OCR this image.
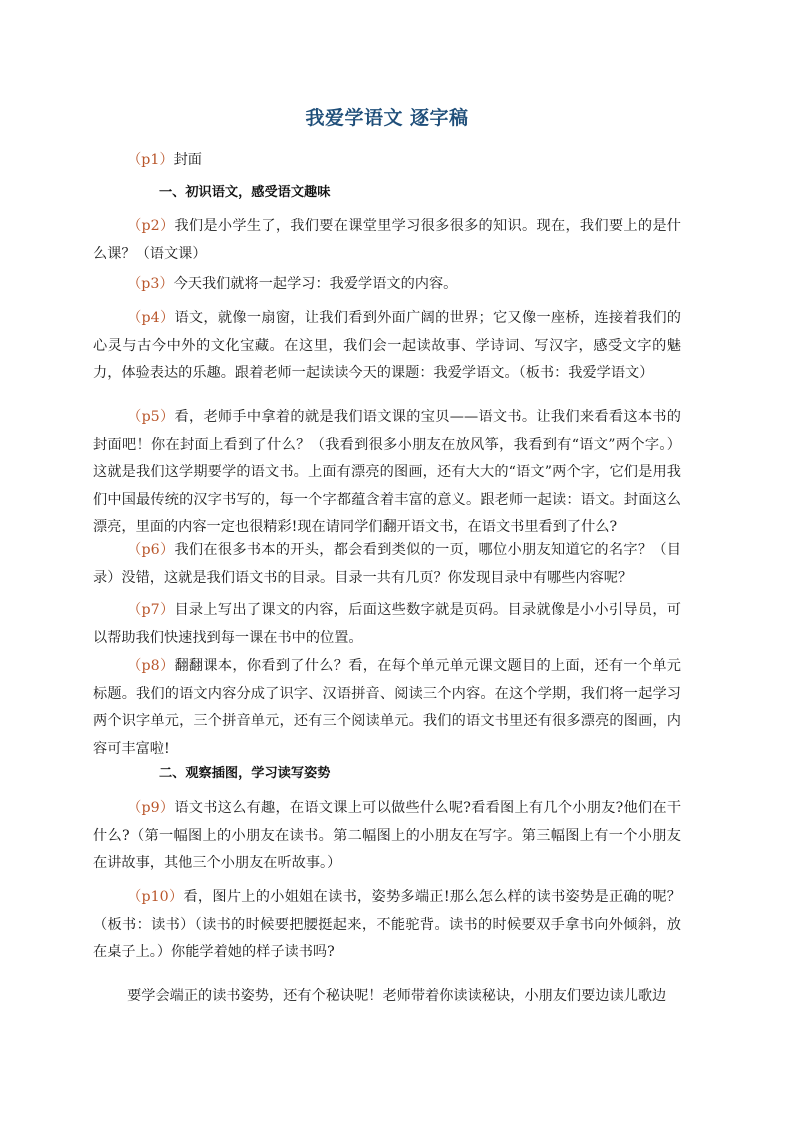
我爱学语文 逐字稿

（p1）封面

一、初识语文，感受语文趣味

（p2）我们是小学生了，我们要在课堂里学习很多很多的知识。现在，我们要上的是什么课？（语文课）

（p3）今天我们就将一起学习：我爱学语文的内容。

（p4）语文，就像一扇窗，让我们看到外面广阔的世界；它又像一座桥，连接着我们的心灵与古今中外的文化宝藏。在这里，我们会一起读故事、学诗词、写汉字，感受文字的魅力，体验表达的乐趣。跟着老师一起读读今天的课题：我爱学语文。（板书：我爱学语文）

（p5）看，老师手中拿着的就是我们语文课的宝贝——语文书。让我们来看看这本书的封面吧！你在封面上看到了什么？（我看到很多小朋友在放风筝，我看到有“语文”两个字。）这就是我们这学期要学的语文书。上面有漂亮的图画，还有大大的“语文”两个字，它们是用我们中国最传统的汉字书写的，每一个字都蕴含着丰富的意义。跟老师一起读：语文。封面这么漂亮，里面的内容一定也很精彩!现在请同学们翻开语文书，在语文书里看到了什么?

（p6）我们在很多书本的开头，都会看到类似的一页，哪位小朋友知道它的名字？（目录）没错，这就是我们语文书的目录。目录一共有几页？你发现目录中有哪些内容呢？

（p7）目录上写出了课文的内容，后面这些数字就是页码。目录就像是小小引导员，可以帮助我们快速找到每一课在书中的位置。

（p8）翻翻课本，你看到了什么？看，在每个单元单元课文题目的上面，还有一个单元标题。我们的语文内容分成了识字、汉语拼音、阅读三个内容。在这个学期，我们将一起学习两个识字单元，三个拼音单元，还有三个阅读单元。我们的语文书里还有很多漂亮的图画，内容可丰富啦!

二、观察插图，学习读写姿势

（p9）语文书这么有趣，在语文课上可以做些什么呢?看看图上有几个小朋友?他们在干什么?（第一幅图上的小朋友在读书。第二幅图上的小朋友在写字。第三幅图上有一个小朋友在讲故事，其他三个小朋友在听故事。）

（p10）看，图片上的小姐姐在读书，姿势多端正!那么怎么样的读书姿势是正确的呢？（板书：读书）（读书的时候要把腰挺起来，不能驼背。读书的时候要双手拿书向外倾斜，放在桌子上。）你能学着她的样子读书吗?

要学会端正的读书姿势，还有个秘诀呢！老师带着你读读秘诀，小朋友们要边读儿歌边
